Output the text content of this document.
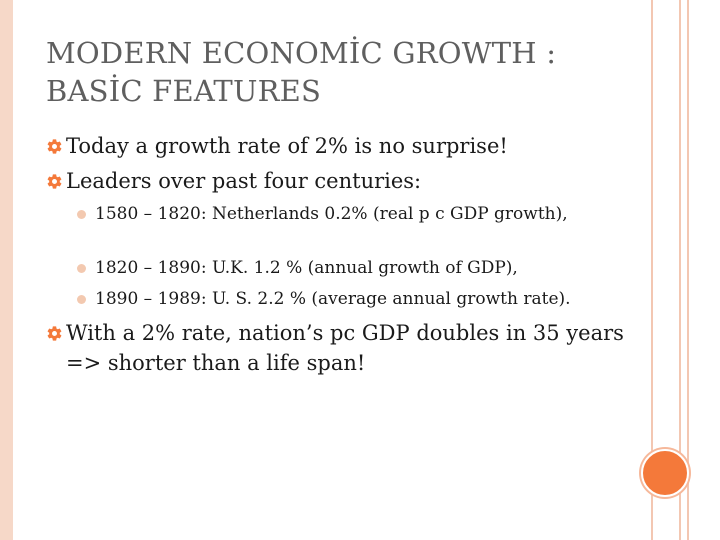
MODERN ECONOMİC GROWTH :
BASİC FEATURES
Today a growth rate of 2% is no surprise!
Leaders over past four centuries:
1580 – 1820: Netherlands 0.2% (real p c GDP growth),
1820 – 1890: U.K. 1.2 % (annual growth of GDP),
1890 – 1989: U. S. 2.2 % (average annual growth rate).
With a 2% rate, nation’s pc GDP doubles in 35 years => shorter than a life span!
